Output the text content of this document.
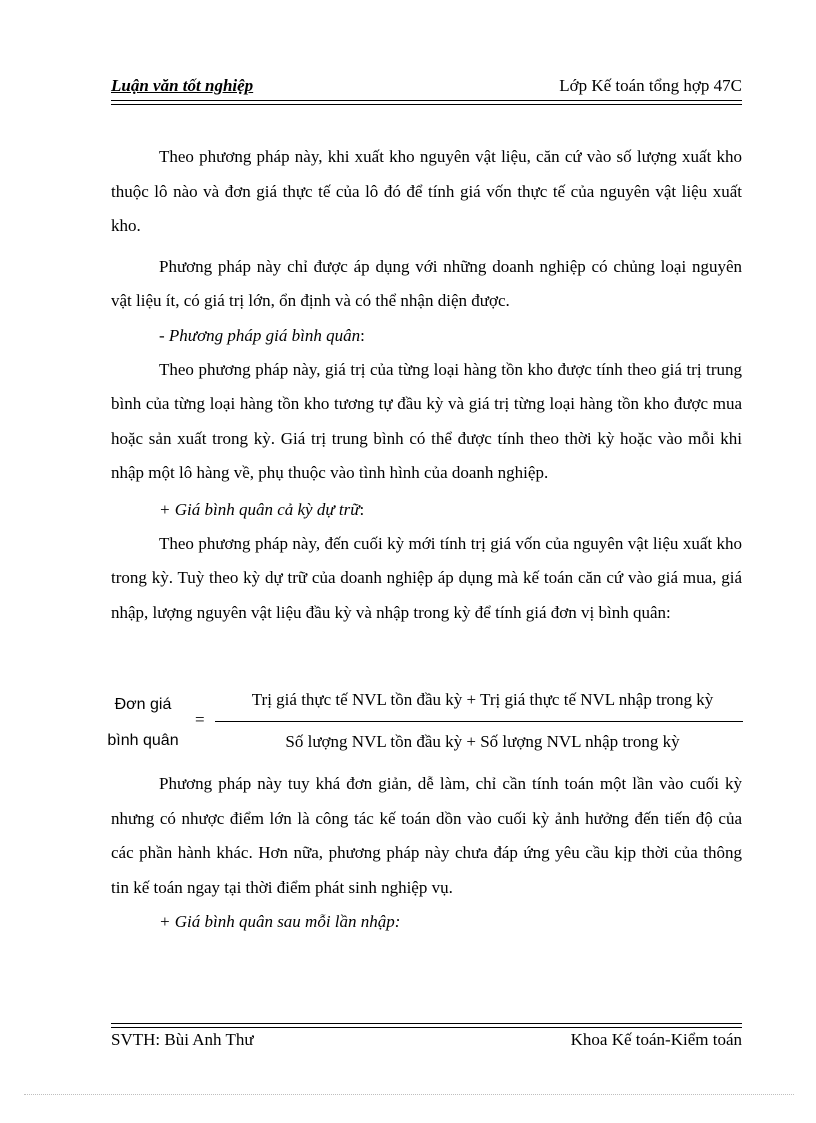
Luận văn tốt nghiệp	Lớp Kế toán tổng hợp 47C

Theo phương pháp này, khi xuất kho nguyên vật liệu, căn cứ vào số lượng xuất kho thuộc lô nào và đơn giá thực tế của lô đó để tính giá vốn thực tế của nguyên vật liệu xuất kho.

Phương pháp này chỉ được áp dụng với những doanh nghiệp có chủng loại nguyên vật liệu ít, có giá trị lớn, ổn định và có thể nhận diện được.

- Phương pháp giá bình quân:

Theo phương pháp này, giá trị của từng loại hàng tồn kho được tính theo giá trị trung bình của từng loại hàng tồn kho tương tự đầu kỳ và giá trị từng loại hàng tồn kho được mua hoặc sản xuất trong kỳ. Giá trị trung bình có thể được tính theo thời kỳ hoặc vào mỗi khi nhập một lô hàng về, phụ thuộc vào tình hình của doanh nghiệp.

+ Giá bình quân cả kỳ dự trữ:

Theo phương pháp này, đến cuối kỳ mới tính trị giá vốn của nguyên vật liệu xuất kho trong kỳ. Tuỳ theo kỳ dự trữ của doanh nghiệp áp dụng mà kế toán căn cứ vào giá mua, giá nhập, lượng nguyên vật liệu đầu kỳ và nhập trong kỳ để tính giá đơn vị bình quân:

Đơn giá
bình quân
=
Trị giá thực tế NVL tồn đầu kỳ + Trị giá thực tế NVL nhập trong kỳ
Số lượng NVL tồn đầu kỳ + Số lượng NVL nhập trong kỳ

Phương pháp này tuy khá đơn giản, dễ làm, chỉ cần tính toán một lần vào cuối kỳ nhưng có nhược điểm lớn là công tác kế toán dồn vào cuối kỳ ảnh hưởng đến tiến độ của các phần hành khác. Hơn nữa, phương pháp này chưa đáp ứng yêu cầu kịp thời của thông tin kế toán ngay tại thời điểm phát sinh nghiệp vụ.

+ Giá bình quân sau mỗi lần nhập:

SVTH: Bùi Anh Thư	Khoa Kế toán-Kiểm toán
